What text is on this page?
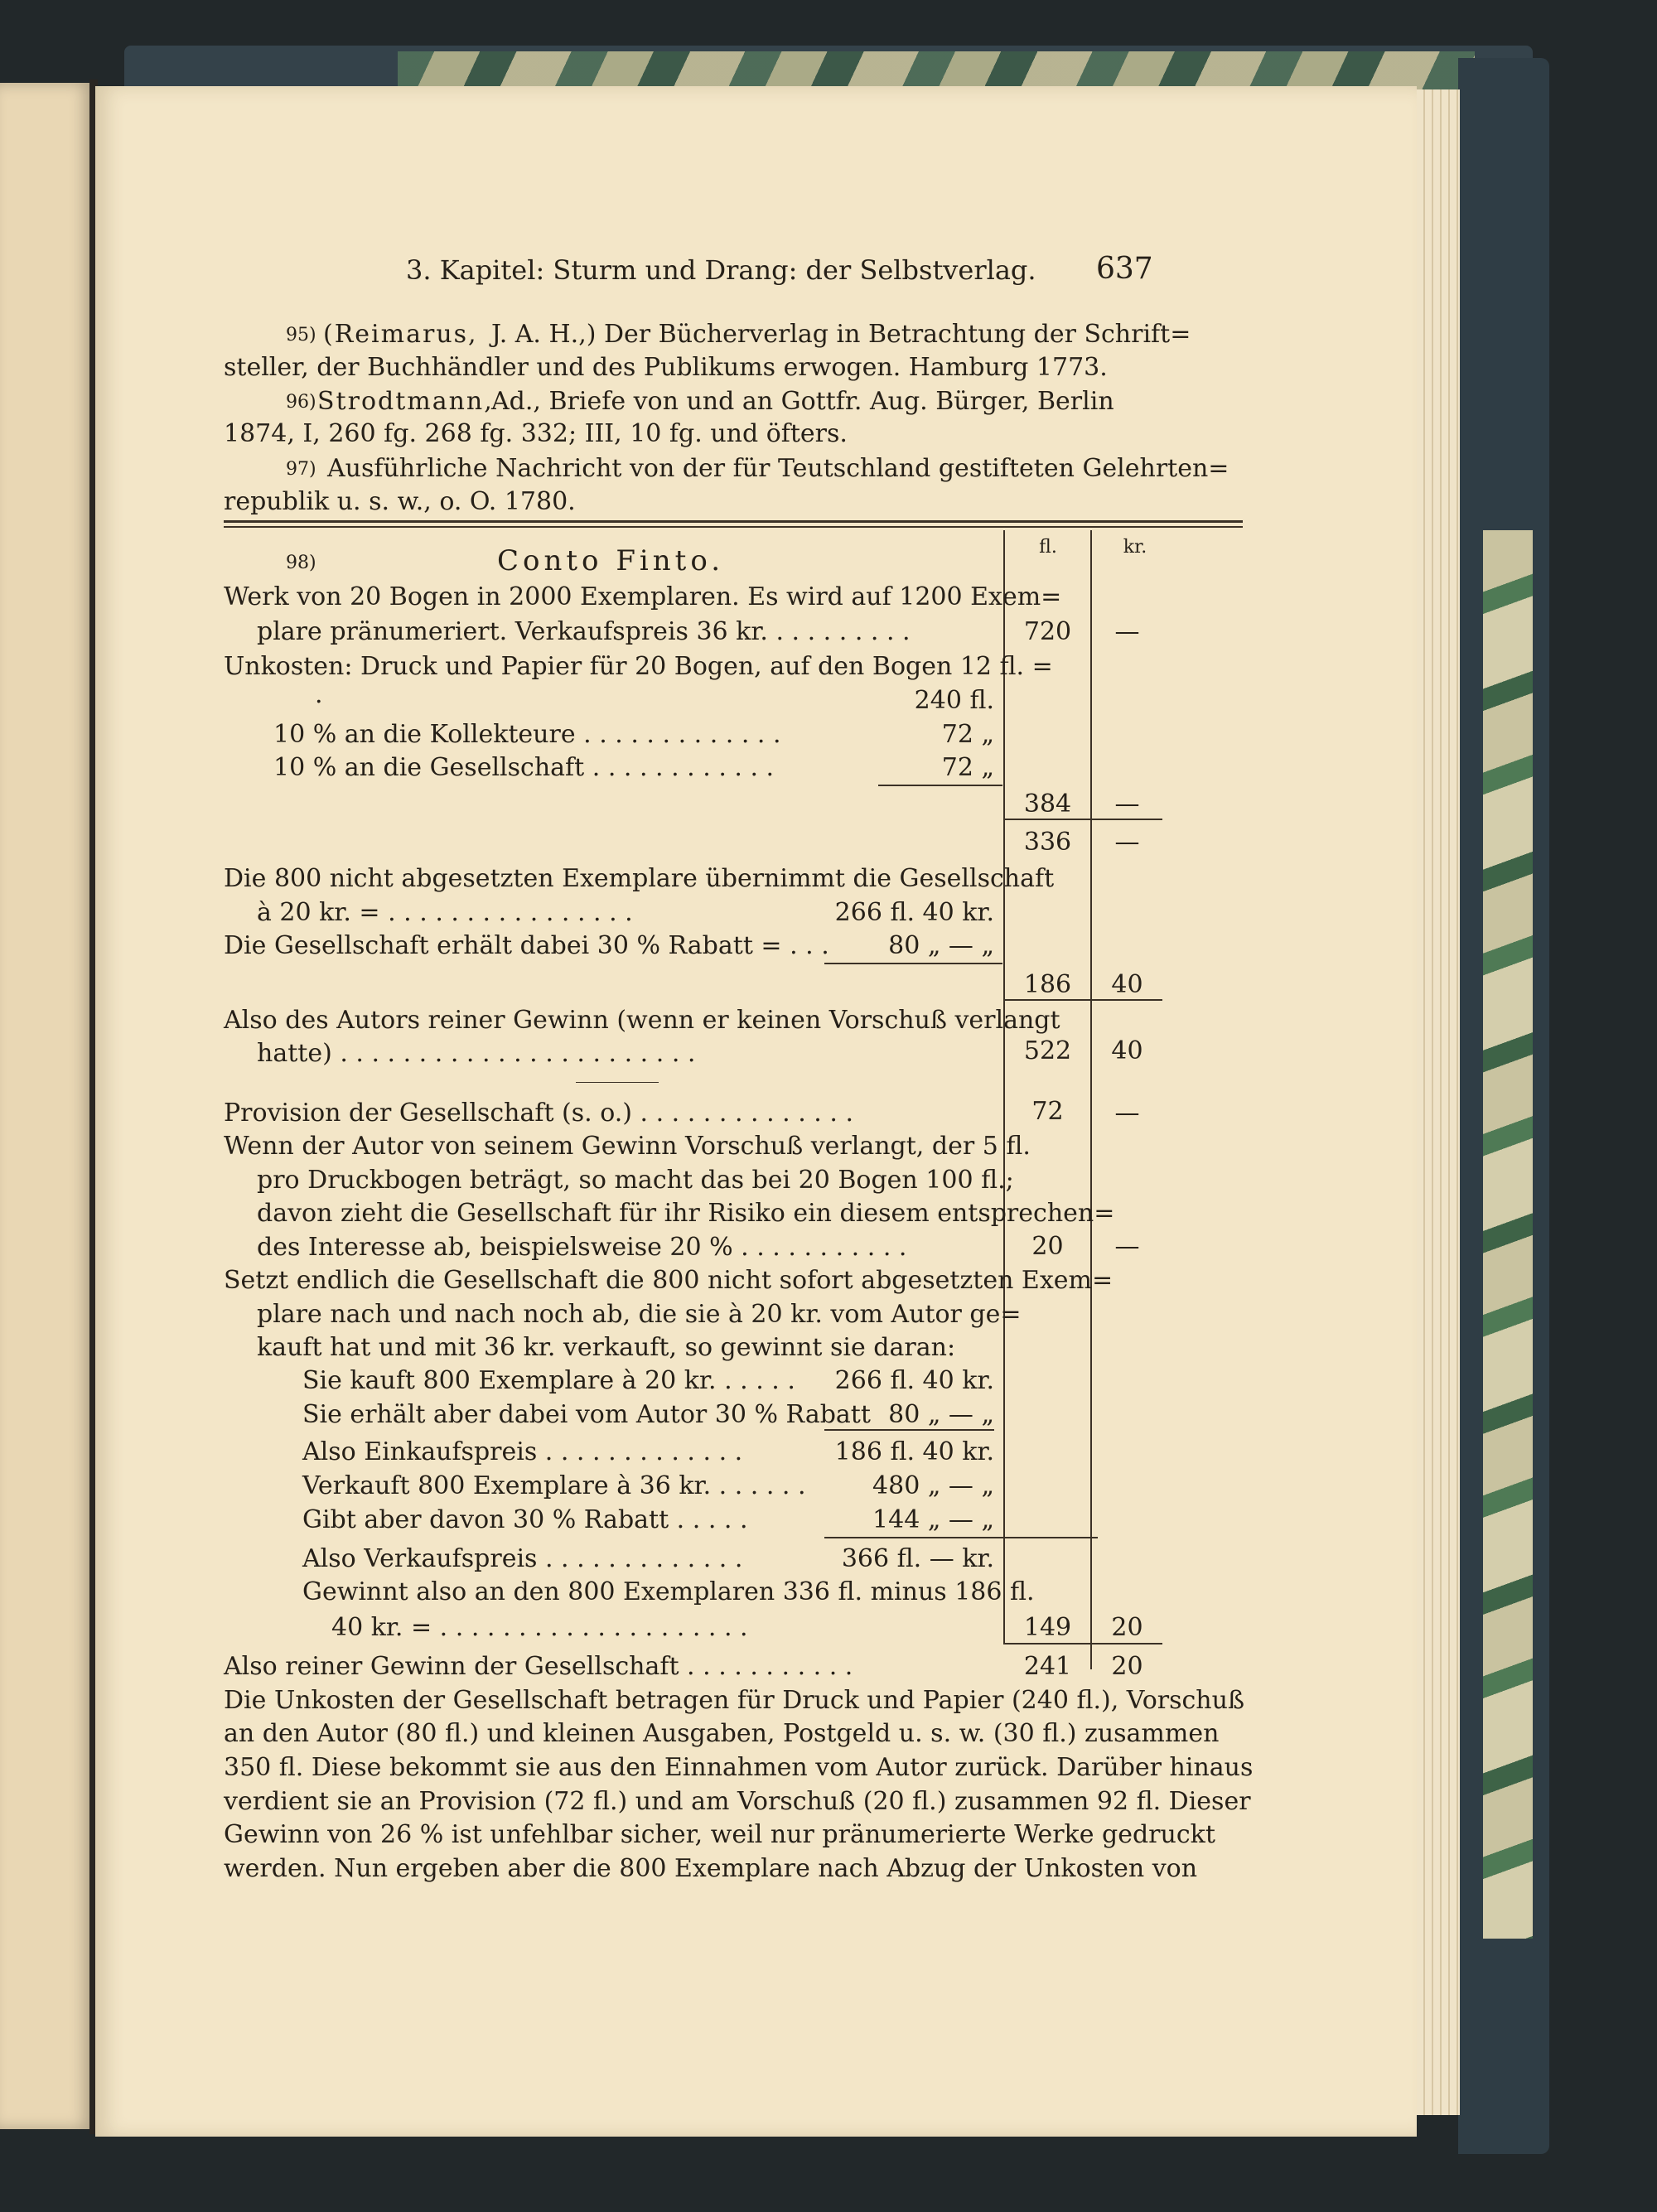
3. Kapitel: Sturm und Drang: der Selbstverlag. 637
95) (Reimarus, J. A. H.,) Der Bücherverlag in Betrachtung der Schrift=
steller, der Buchhändler und des Publikums erwogen. Hamburg 1773.
96) Strodtmann,
Ad., Briefe von und an Gottfr. Aug. Bürger, Berlin
1874, I, 260 fg. 268 fg. 332; III, 10 fg. und öfters.
97) Ausführliche Nachricht von der für Teutschland gestifteten Gelehrten=
republik u. s. w., o. O. 1780.
98)	Conto Finto.	fl.	kr.
Werk von 20 Bogen in 2000 Exemplaren. Es wird auf 1200 Exem=
plare pränumeriert. Verkaufspreis 36 kr. . . . . . . . . .	720	—
Unkosten: Druck und Papier für 20 Bogen, auf den Bogen 12 fl. =
.	240 fl.
10 % an die Kollekteure . . . . . . . . . . . . .	72 „
10 % an die Gesellschaft . . . . . . . . . . . .	72 „
384	—
336	—
Die 800 nicht abgesetzten Exemplare übernimmt die Gesellschaft
à 20 kr. = . . . . . . . . . . . . . . . .	266 fl. 40 kr.
Die Gesellschaft erhält dabei 30 % Rabatt = . . .	80 „ — „
186	40
Also des Autors reiner Gewinn (wenn er keinen Vorschuß verlangt
hatte) . . . . . . . . . . . . . . . . . . . . . . .	522	40
Provision der Gesellschaft (s. o.) . . . . . . . . . . . . . .	72	—
Wenn der Autor von seinem Gewinn Vorschuß verlangt, der 5 fl.
pro Druckbogen beträgt, so macht das bei 20 Bogen 100 fl.;
davon zieht die Gesellschaft für ihr Risiko ein diesem entsprechen=
des Interesse ab, beispielsweise 20 % . . . . . . . . . . .	20	—
Setzt endlich die Gesellschaft die 800 nicht sofort abgesetzten Exem=
plare nach und nach noch ab, die sie à 20 kr. vom Autor ge=
kauft hat und mit 36 kr. verkauft, so gewinnt sie daran:
Sie kauft 800 Exemplare à 20 kr. . . . . .	266 fl. 40 kr.
Sie erhält aber dabei vom Autor 30 % Rabatt 80 „ — „
Also Einkaufspreis . . . . . . . . . . . . .	186 fl. 40 kr.
Verkauft 800 Exemplare à 36 kr. . . . . . .	480 „ — „
Gibt aber davon 30 % Rabatt . . . . .	144 „ — „
Also Verkaufspreis . . . . . . . . . . . . .	366 fl. — kr.
Gewinnt also an den 800 Exemplaren 336 fl. minus 186 fl.
40 kr. = . . . . . . . . . . . . . . . . . . . .	149	20
Also reiner Gewinn der Gesellschaft . . . . . . . . . . .	241	20
Die Unkosten der Gesellschaft betragen für Druck und Papier (240 fl.), Vorschuß
an den Autor (80 fl.) und kleinen Ausgaben, Postgeld u. s. w. (30 fl.) zusammen
350 fl. Diese bekommt sie aus den Einnahmen vom Autor zurück. Darüber hinaus
verdient sie an Provision (72 fl.) und am Vorschuß (20 fl.) zusammen 92 fl. Dieser
Gewinn von 26 % ist unfehlbar sicher, weil nur pränumerierte Werke gedruckt
werden. Nun ergeben aber die 800 Exemplare nach Abzug der Unkosten von
